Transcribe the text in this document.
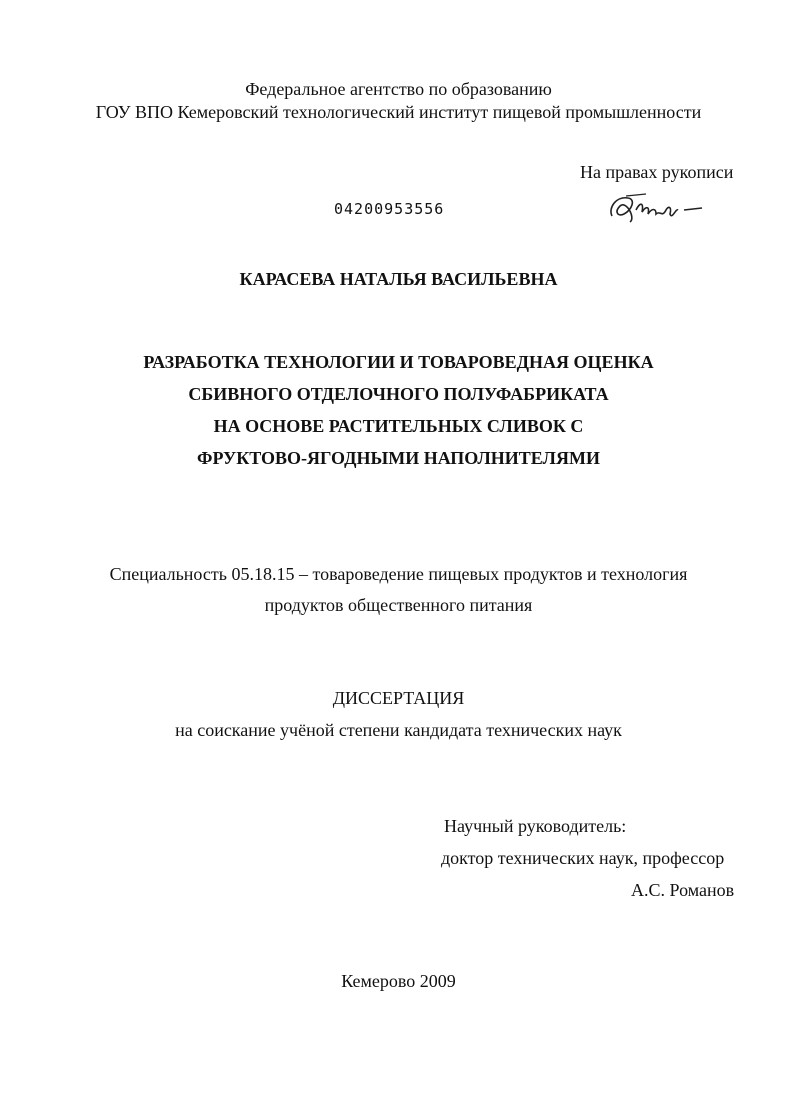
Федеральное агентство по образованию
ГОУ ВПО Кемеровский технологический институт пищевой промышленности
На правах рукописи
04200953556
КАРАСЕВА НАТАЛЬЯ ВАСИЛЬЕВНА
РАЗРАБОТКА ТЕХНОЛОГИИ И ТОВАРОВЕДНАЯ ОЦЕНКА
СБИВНОГО ОТДЕЛОЧНОГО ПОЛУФАБРИКАТА
НА ОСНОВЕ РАСТИТЕЛЬНЫХ СЛИВОК С
ФРУКТОВО-ЯГОДНЫМИ НАПОЛНИТЕЛЯМИ
Специальность 05.18.15 – товароведение пищевых продуктов и технология
продуктов общественного питания
ДИССЕРТАЦИЯ
на соискание учёной степени кандидата технических наук
Научный руководитель:
доктор технических наук, профессор
А.С. Романов
Кемерово 2009
